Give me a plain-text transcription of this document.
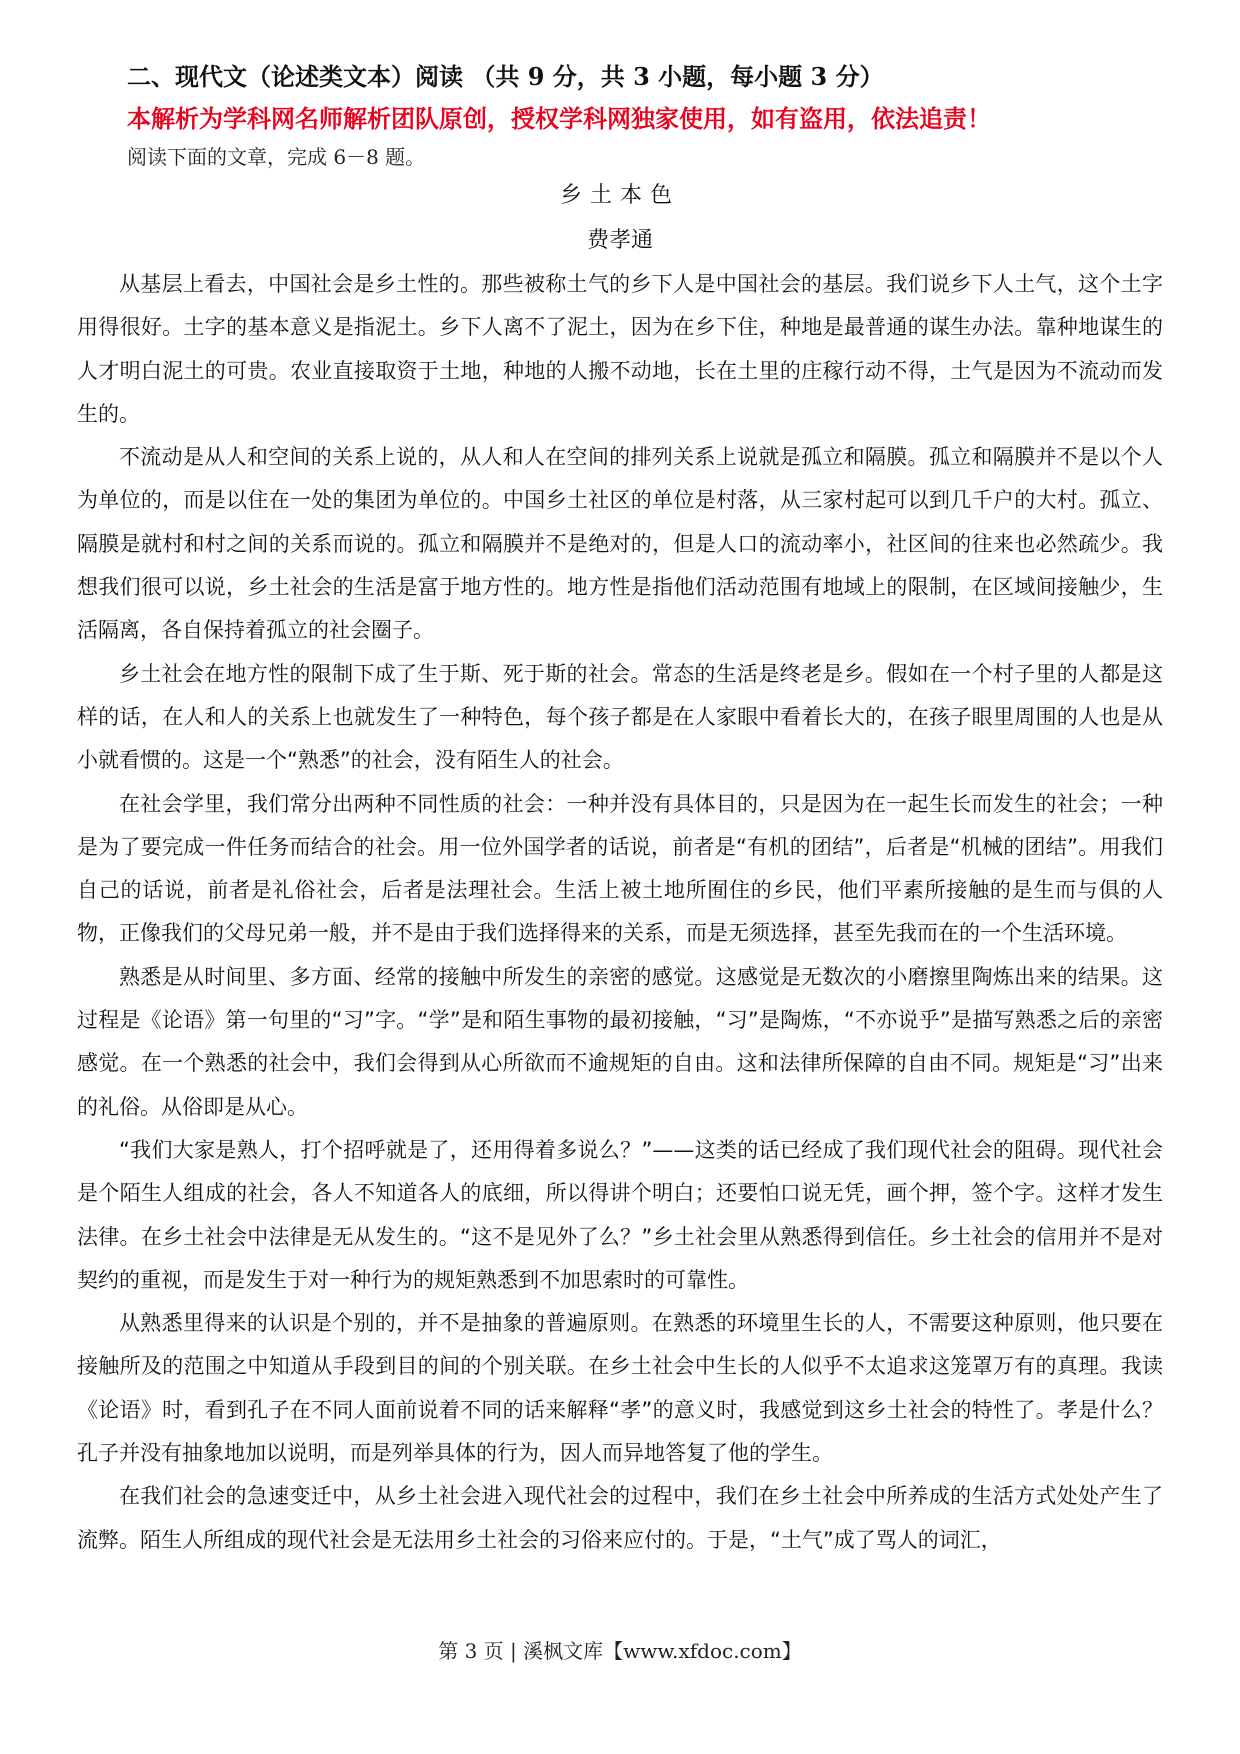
二、现代文（论述类文本）阅读 （共 9 分，共 3 小题，每小题 3 分）
本解析为学科网名师解析团队原创，授权学科网独家使用，如有盗用，依法追责！
阅读下面的文章，完成 6－8 题。
乡土本色
费孝通

从基层上看去，中国社会是乡土性的。那些被称土气的乡下人是中国社会的基层。我们说乡下人土气，这个土字用得很好。土字的基本意义是指泥土。乡下人离不了泥土，因为在乡下住，种地是最普通的谋生办法。靠种地谋生的人才明白泥土的可贵。农业直接取资于土地，种地的人搬不动地，长在土里的庄稼行动不得，土气是因为不流动而发生的。

不流动是从人和空间的关系上说的，从人和人在空间的排列关系上说就是孤立和隔膜。孤立和隔膜并不是以个人为单位的，而是以住在一处的集团为单位的。中国乡土社区的单位是村落，从三家村起可以到几千户的大村。孤立、隔膜是就村和村之间的关系而说的。孤立和隔膜并不是绝对的，但是人口的流动率小，社区间的往来也必然疏少。我想我们很可以说，乡土社会的生活是富于地方性的。地方性是指他们活动范围有地域上的限制，在区域间接触少，生活隔离，各自保持着孤立的社会圈子。

乡土社会在地方性的限制下成了生于斯、死于斯的社会。常态的生活是终老是乡。假如在一个村子里的人都是这样的话，在人和人的关系上也就发生了一种特色，每个孩子都是在人家眼中看着长大的，在孩子眼里周围的人也是从小就看惯的。这是一个“熟悉”的社会，没有陌生人的社会。

在社会学里，我们常分出两种不同性质的社会：一种并没有具体目的，只是因为在一起生长而发生的社会；一种是为了要完成一件任务而结合的社会。用一位外国学者的话说，前者是“有机的团结”，后者是“机械的团结”。用我们自己的话说，前者是礼俗社会，后者是法理社会。生活上被土地所囿住的乡民，他们平素所接触的是生而与俱的人物，正像我们的父母兄弟一般，并不是由于我们选择得来的关系，而是无须选择，甚至先我而在的一个生活环境。

熟悉是从时间里、多方面、经常的接触中所发生的亲密的感觉。这感觉是无数次的小磨擦里陶炼出来的结果。这过程是《论语》第一句里的“习”字。“学”是和陌生事物的最初接触，“习”是陶炼，“不亦说乎”是描写熟悉之后的亲密感觉。在一个熟悉的社会中，我们会得到从心所欲而不逾规矩的自由。这和法律所保障的自由不同。规矩是“习”出来的礼俗。从俗即是从心。

“我们大家是熟人，打个招呼就是了，还用得着多说么？”——这类的话已经成了我们现代社会的阻碍。现代社会是个陌生人组成的社会，各人不知道各人的底细，所以得讲个明白；还要怕口说无凭，画个押，签个字。这样才发生法律。在乡土社会中法律是无从发生的。“这不是见外了么？”乡土社会里从熟悉得到信任。乡土社会的信用并不是对契约的重视，而是发生于对一种行为的规矩熟悉到不加思索时的可靠性。

从熟悉里得来的认识是个别的，并不是抽象的普遍原则。在熟悉的环境里生长的人，不需要这种原则，他只要在接触所及的范围之中知道从手段到目的间的个别关联。在乡土社会中生长的人似乎不太追求这笼罩万有的真理。我读《论语》时，看到孔子在不同人面前说着不同的话来解释“孝”的意义时，我感觉到这乡土社会的特性了。孝是什么？孔子并没有抽象地加以说明，而是列举具体的行为，因人而异地答复了他的学生。

在我们社会的急速变迁中，从乡土社会进入现代社会的过程中，我们在乡土社会中所养成的生活方式处处产生了流弊。陌生人所组成的现代社会是无法用乡土社会的习俗来应付的。于是，“土气”成了骂人的词汇，

第 3 页 | 溪枫文库【www.xfdoc.com】
